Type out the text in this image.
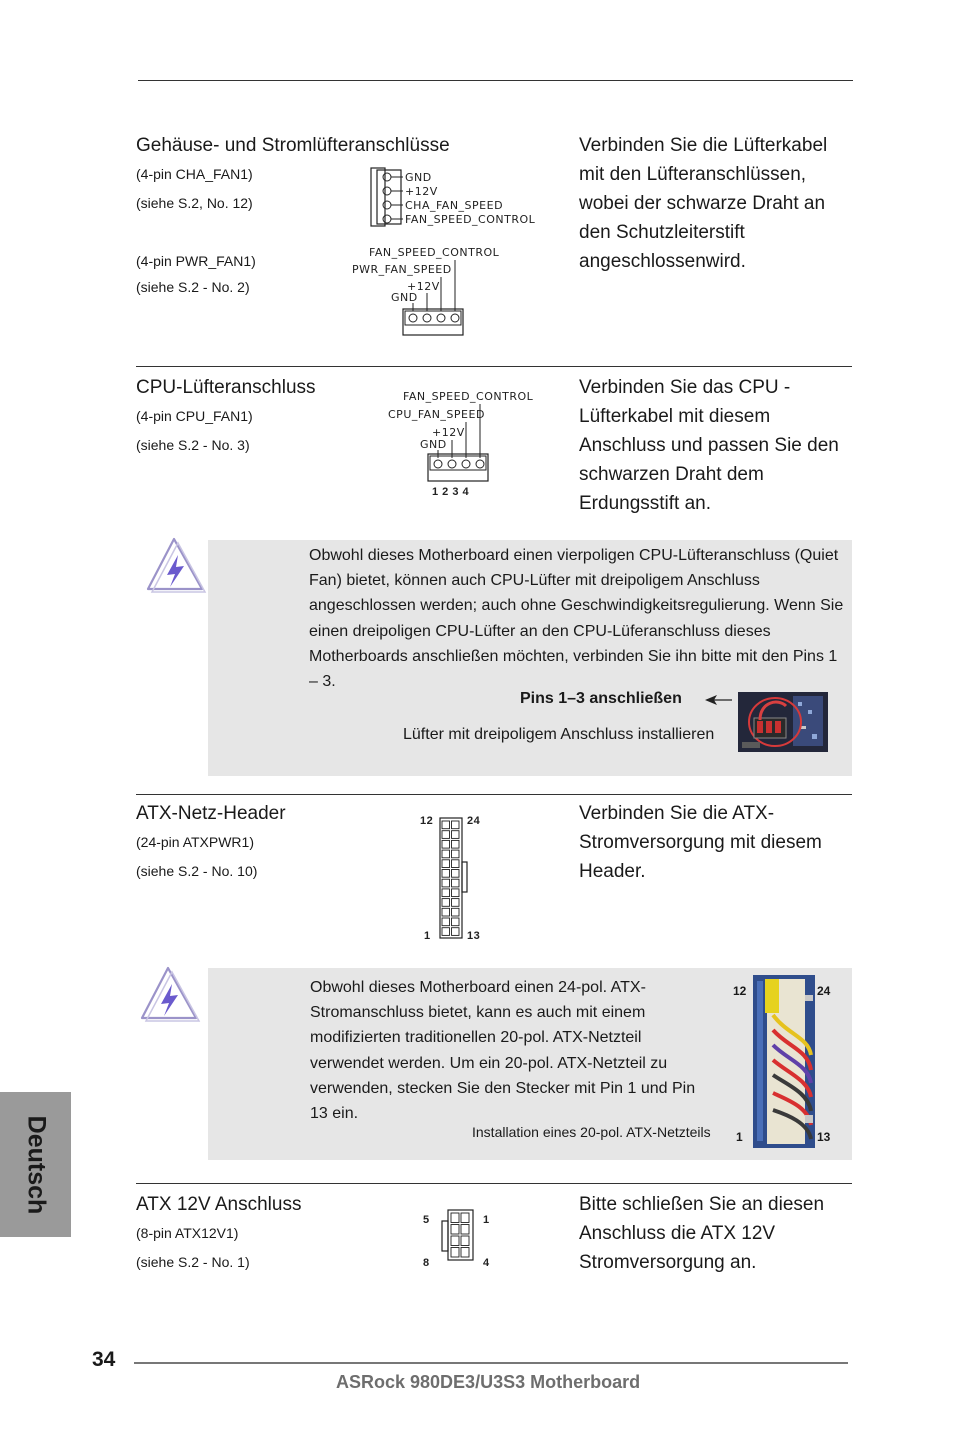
Gehäuse- und Stromlüfteranschlüsse
(4-pin CHA_FAN1)
(siehe S.2, No. 12)
(4-pin PWR_FAN1)
(siehe S.2 - No. 2)
GND
+12V
CHA_FAN_SPEED
FAN_SPEED_CONTROL
FAN_SPEED_CONTROL
PWR_FAN_SPEED
+12V
GND
Verbinden Sie die Lüfterkabel mit den Lüfteranschlüssen, wobei der schwarze Draht an den Schutzleiterstift angeschlossenwird.
CPU-Lüfteranschluss
(4-pin CPU_FAN1)
(siehe S.2 - No. 3)
FAN_SPEED_CONTROL
CPU_FAN_SPEED
+12V
GND
1 2 3 4
Verbinden Sie das CPU - Lüfterkabel mit diesem Anschluss und passen Sie den schwarzen Draht dem Erdungsstift an.
Obwohl dieses Motherboard einen vierpoligen CPU-Lüfteranschluss (Quiet Fan) bietet, können auch CPU-Lüfter mit dreipoligem Anschluss angeschlossen werden; auch ohne Geschwindigkeitsregulierung. Wenn Sie einen dreipoligen CPU-Lüfter an den CPU-Lüferanschluss dieses Motherboards anschließen möchten, verbinden Sie ihn bitte mit den Pins 1 – 3.
Pins 1–3 anschließen
Lüfter mit dreipoligem Anschluss installieren
ATX-Netz-Header
(24-pin ATXPWR1)
(siehe S.2 - No. 10)
12	24
1	13
Verbinden Sie die ATX-Stromversorgung mit diesem Header.
Obwohl dieses Motherboard einen 24-pol. ATX-Stromanschluss bietet, kann es auch mit einem modifizierten traditionellen 20-pol. ATX-Netzteil verwendet werden. Um ein 20-pol. ATX-Netzteil zu verwenden, stecken Sie den Stecker mit Pin 1 und Pin 13 ein.
Installation eines 20-pol. ATX-Netzteils
12	24
1	13
ATX 12V Anschluss
(8-pin ATX12V1)
(siehe S.2 - No. 1)
5	1
8	4
Bitte schließen Sie an diesen Anschluss die ATX 12V Stromversorgung an.
Deutsch
34
ASRock 980DE3/U3S3 Motherboard
